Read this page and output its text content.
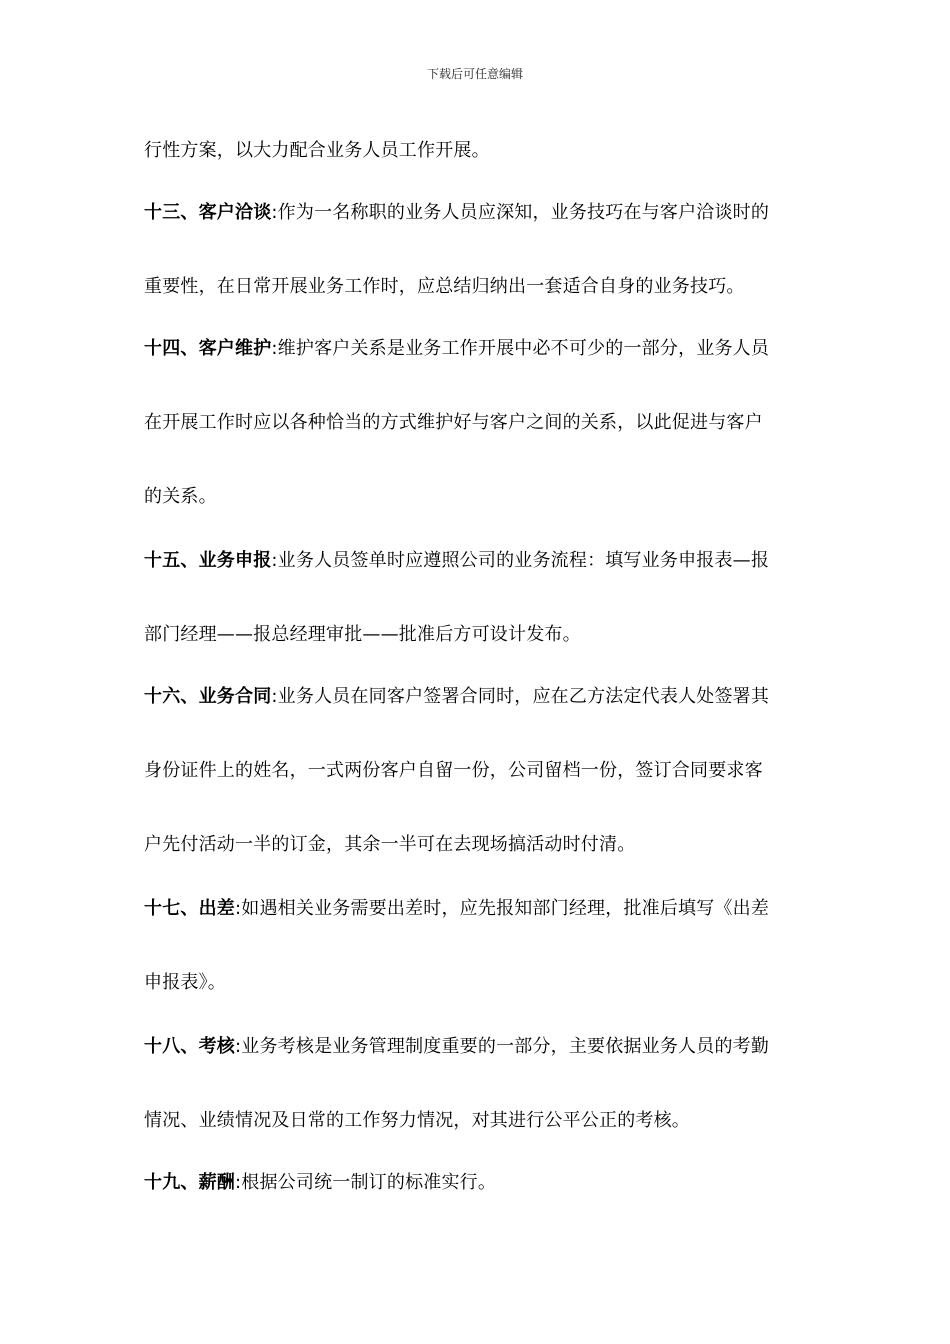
下载后可任意编辑
行性方案，以大力配合业务人员工作开展。
十三、客户洽谈:作为一名称职的业务人员应深知，业务技巧在与客户洽谈时的
重要性，在日常开展业务工作时，应总结归纳出一套适合自身的业务技巧。
十四、客户维护:维护客户关系是业务工作开展中必不可少的一部分，业务人员
在开展工作时应以各种恰当的方式维护好与客户之间的关系，以此促进与客户
的关系。
十五、业务申报:业务人员签单时应遵照公司的业务流程：填写业务申报表—报
部门经理——报总经理审批——批准后方可设计发布。
十六、业务合同:业务人员在同客户签署合同时，应在乙方法定代表人处签署其
身份证件上的姓名，一式两份客户自留一份，公司留档一份，签订合同要求客
户先付活动一半的订金，其余一半可在去现场搞活动时付清。
十七、出差:如遇相关业务需要出差时，应先报知部门经理，批准后填写《出差
申报表》。
十八、考核:业务考核是业务管理制度重要的一部分，主要依据业务人员的考勤
情况、业绩情况及日常的工作努力情况，对其进行公平公正的考核。
十九、薪酬:根据公司统一制订的标准实行。
